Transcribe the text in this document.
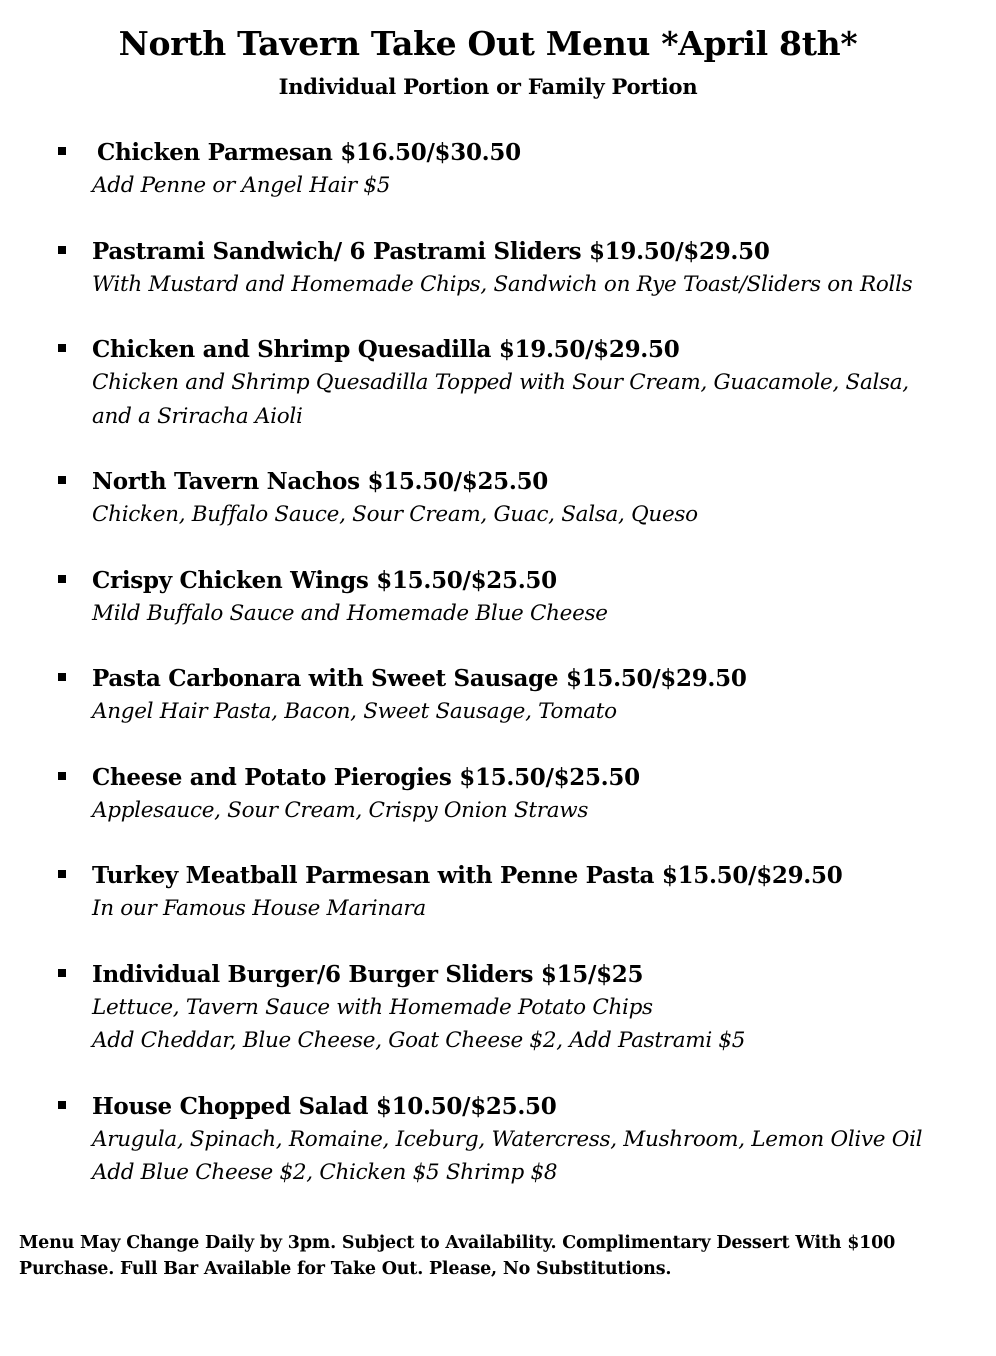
North Tavern Take Out Menu *April 8th*
Individual Portion or Family Portion
Chicken Parmesan $16.50/$30.50
Add Penne or Angel Hair $5
Pastrami Sandwich/ 6 Pastrami Sliders $19.50/$29.50
With Mustard and Homemade Chips, Sandwich on Rye Toast/Sliders on Rolls
Chicken and Shrimp Quesadilla $19.50/$29.50
Chicken and Shrimp Quesadilla Topped with Sour Cream, Guacamole, Salsa,
and a Sriracha Aioli
North Tavern Nachos $15.50/$25.50
Chicken, Buffalo Sauce, Sour Cream, Guac, Salsa, Queso
Crispy Chicken Wings $15.50/$25.50
Mild Buffalo Sauce and Homemade Blue Cheese
Pasta Carbonara with Sweet Sausage $15.50/$29.50
Angel Hair Pasta, Bacon, Sweet Sausage, Tomato
Cheese and Potato Pierogies $15.50/$25.50
Applesauce, Sour Cream, Crispy Onion Straws
Turkey Meatball Parmesan with Penne Pasta $15.50/$29.50
In our Famous House Marinara
Individual Burger/6 Burger Sliders $15/$25
Lettuce, Tavern Sauce with Homemade Potato Chips
Add Cheddar, Blue Cheese, Goat Cheese $2, Add Pastrami $5
House Chopped Salad $10.50/$25.50
Arugula, Spinach, Romaine, Iceburg, Watercress, Mushroom, Lemon Olive Oil
Add Blue Cheese $2, Chicken $5 Shrimp $8

Menu May Change Daily by 3pm. Subject to Availability. Complimentary Dessert With $100
Purchase. Full Bar Available for Take Out. Please, No Substitutions.
